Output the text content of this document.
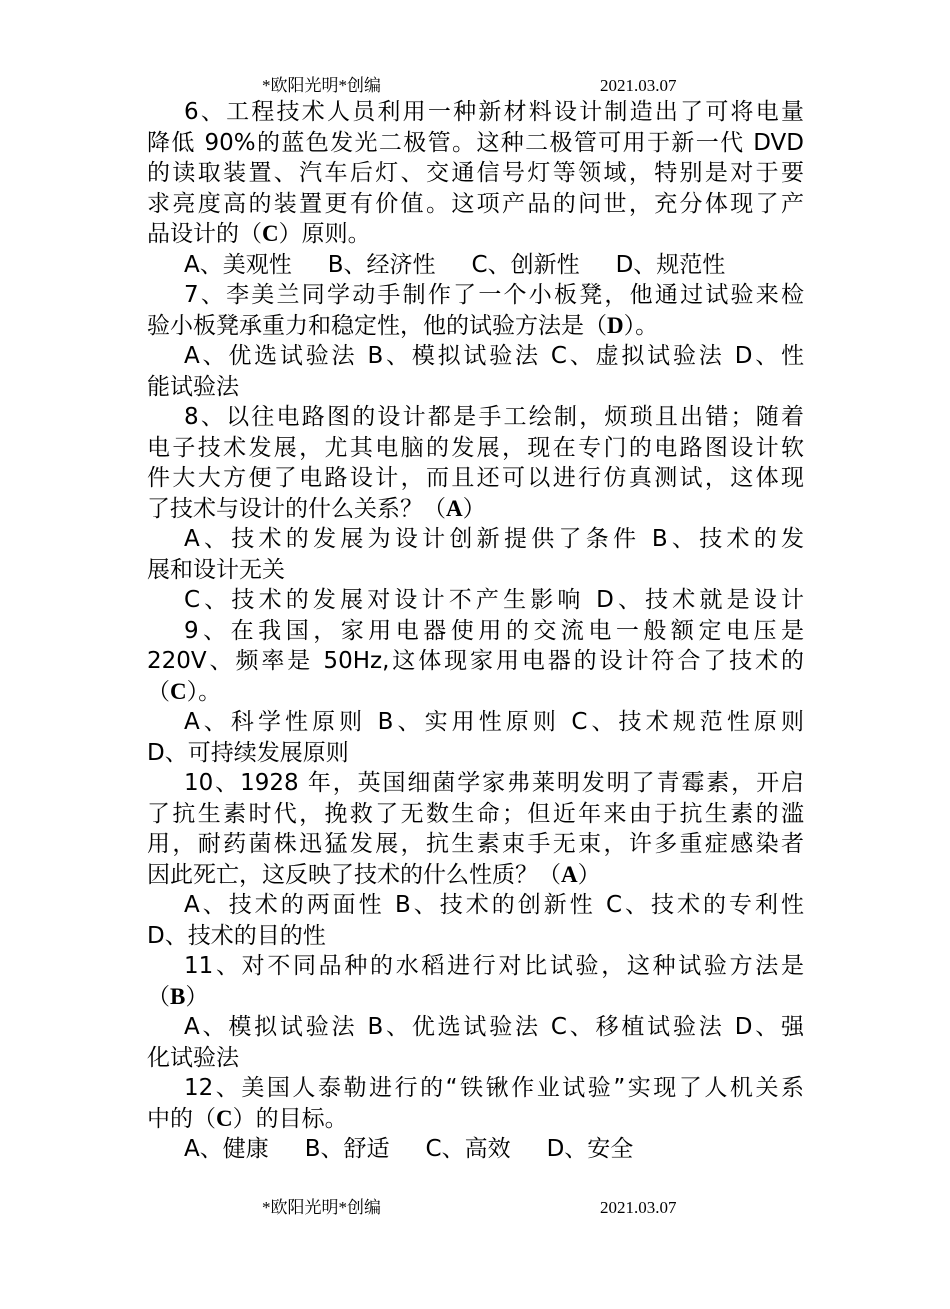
*欧阳光明*创编	2021.03.07
6、工程技术人员利用一种新材料设计制造出了可将电量
降低 90%的蓝色发光二极管。这种二极管可用于新一代 DVD
的读取装置、汽车后灯、交通信号灯等领域，特别是对于要
求亮度高的装置更有价值。这项产品的问世，充分体现了产
品设计的（C）原则。
A、美观性 B、经济性 C、创新性 D、规范性
7、李美兰同学动手制作了一个小板凳，他通过试验来检
验小板凳承重力和稳定性，他的试验方法是（D）。
A、优选试验法 B、模拟试验法 C、虚拟试验法 D、性
能试验法
8、以往电路图的设计都是手工绘制，烦琐且出错；随着
电子技术发展，尤其电脑的发展，现在专门的电路图设计软
件大大方便了电路设计，而且还可以进行仿真测试，这体现
了技术与设计的什么关系？（A）
A、技术的发展为设计创新提供了条件 B、技术的发
展和设计无关
C、技术的发展对设计不产生影响 D、技术就是设计
9、在我国，家用电器使用的交流电一般额定电压是
220V、频率是 50Hz,这体现家用电器的设计符合了技术的
（C）。
A、科学性原则 B、实用性原则 C、技术规范性原则
D、可持续发展原则
10、1928 年，英国细菌学家弗莱明发明了青霉素，开启
了抗生素时代，挽救了无数生命；但近年来由于抗生素的滥
用，耐药菌株迅猛发展，抗生素束手无束，许多重症感染者
因此死亡，这反映了技术的什么性质？（A）
A、技术的两面性 B、技术的创新性 C、技术的专利性
D、技术的目的性
11、对不同品种的水稻进行对比试验，这种试验方法是
（B）
A、模拟试验法 B、优选试验法 C、移植试验法 D、强
化试验法
12、美国人泰勒进行的“铁锹作业试验”实现了人机关系
中的（C）的目标。
A、健康 B、舒适 C、高效 D、安全
*欧阳光明*创编	2021.03.07
